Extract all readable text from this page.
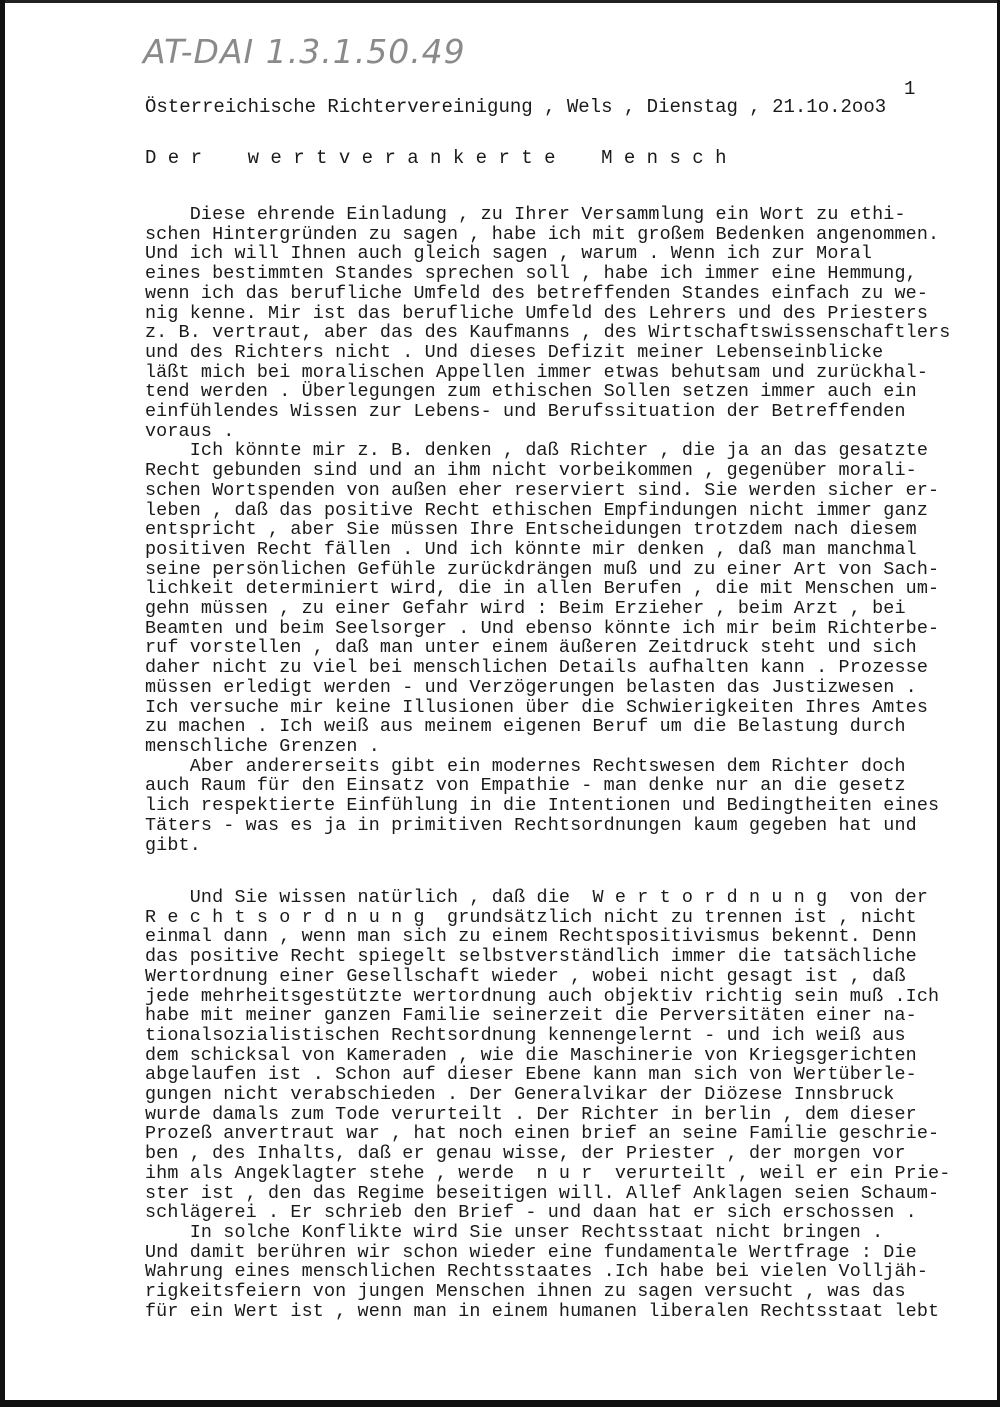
AT-DAI 1.3.1.50.49
1
Österreichische Richtervereinigung , Wels , Dienstag , 21.1o.2oo3
D e r    w e r t v e r a n k e r t e    M e n s c h
Diese ehrende Einladung , zu Ihrer Versammlung ein Wort zu ethi-
schen Hintergründen zu sagen , habe ich mit großem Bedenken angenommen.
Und ich will Ihnen auch gleich sagen , warum . Wenn ich zur Moral
eines bestimmten Standes sprechen soll , habe ich immer eine Hemmung,
wenn ich das berufliche Umfeld des betreffenden Standes einfach zu we-
nig kenne. Mir ist das berufliche Umfeld des Lehrers und des Priesters
z. B. vertraut, aber das des Kaufmanns , des Wirtschaftswissenschaftlers
und des Richters nicht . Und dieses Defizit meiner Lebenseinblicke
läßt mich bei moralischen Appellen immer etwas behutsam und zurückhal-
tend werden . Überlegungen zum ethischen Sollen setzen immer auch ein
einfühlendes Wissen zur Lebens- und Berufssituation der Betreffenden
voraus .
Ich könnte mir z. B. denken , daß Richter , die ja an das gesatzte
Recht gebunden sind und an ihm nicht vorbeikommen , gegenüber morali-
schen Wortspenden von außen eher reserviert sind. Sie werden sicher er-
leben , daß das positive Recht ethischen Empfindungen nicht immer ganz
entspricht , aber Sie müssen Ihre Entscheidungen trotzdem nach diesem
positiven Recht fällen . Und ich könnte mir denken , daß man manchmal
seine persönlichen Gefühle zurückdrängen muß und zu einer Art von Sach-
lichkeit determiniert wird, die in allen Berufen , die mit Menschen um-
gehn müssen , zu einer Gefahr wird : Beim Erzieher , beim Arzt , bei
Beamten und beim Seelsorger . Und ebenso könnte ich mir beim Richterbe-
ruf vorstellen , daß man unter einem äußeren Zeitdruck steht und sich
daher nicht zu viel bei menschlichen Details aufhalten kann . Prozesse
müssen erledigt werden - und Verzögerungen belasten das Justizwesen .
Ich versuche mir keine Illusionen über die Schwierigkeiten Ihres Amtes
zu machen . Ich weiß aus meinem eigenen Beruf um die Belastung durch
menschliche Grenzen .
Aber andererseits gibt ein modernes Rechtswesen dem Richter doch
auch Raum für den Einsatz von Empathie - man denke nur an die gesetz
lich respektierte Einfühlung in die Intentionen und Bedingtheiten eines
Täters - was es ja in primitiven Rechtsordnungen kaum gegeben hat und
gibt.
Und Sie wissen natürlich , daß die  W e r t o r d n u n g  von der
R e c h t s o r d n u n g  grundsätzlich nicht zu trennen ist , nicht
einmal dann , wenn man sich zu einem Rechtspositivismus bekennt. Denn
das positive Recht spiegelt selbstverständlich immer die tatsächliche
Wertordnung einer Gesellschaft wieder , wobei nicht gesagt ist , daß
jede mehrheitsgestützte wertordnung auch objektiv richtig sein muß .Ich
habe mit meiner ganzen Familie seinerzeit die Perversitäten einer na-
tionalsozialistischen Rechtsordnung kennengelernt - und ich weiß aus
dem schicksal von Kameraden , wie die Maschinerie von Kriegsgerichten
abgelaufen ist . Schon auf dieser Ebene kann man sich von Wertüberle-
gungen nicht verabschieden . Der Generalvikar der Diözese Innsbruck
wurde damals zum Tode verurteilt . Der Richter in berlin , dem dieser
Prozeß anvertraut war , hat noch einen brief an seine Familie geschrie-
ben , des Inhalts, daß er genau wisse, der Priester , der morgen vor
ihm als Angeklagter stehe , werde  n u r  verurteilt , weil er ein Prie-
ster ist , den das Regime beseitigen will. Allef Anklagen seien Schaum-
schlägerei . Er schrieb den Brief - und daan hat er sich erschossen .
In solche Konflikte wird Sie unser Rechtsstaat nicht bringen .
Und damit berühren wir schon wieder eine fundamentale Wertfrage : Die
Wahrung eines menschlichen Rechtsstaates .Ich habe bei vielen Volljäh-
rigkeitsfeiern von jungen Menschen ihnen zu sagen versucht , was das
für ein Wert ist , wenn man in einem humanen liberalen Rechtsstaat lebt
